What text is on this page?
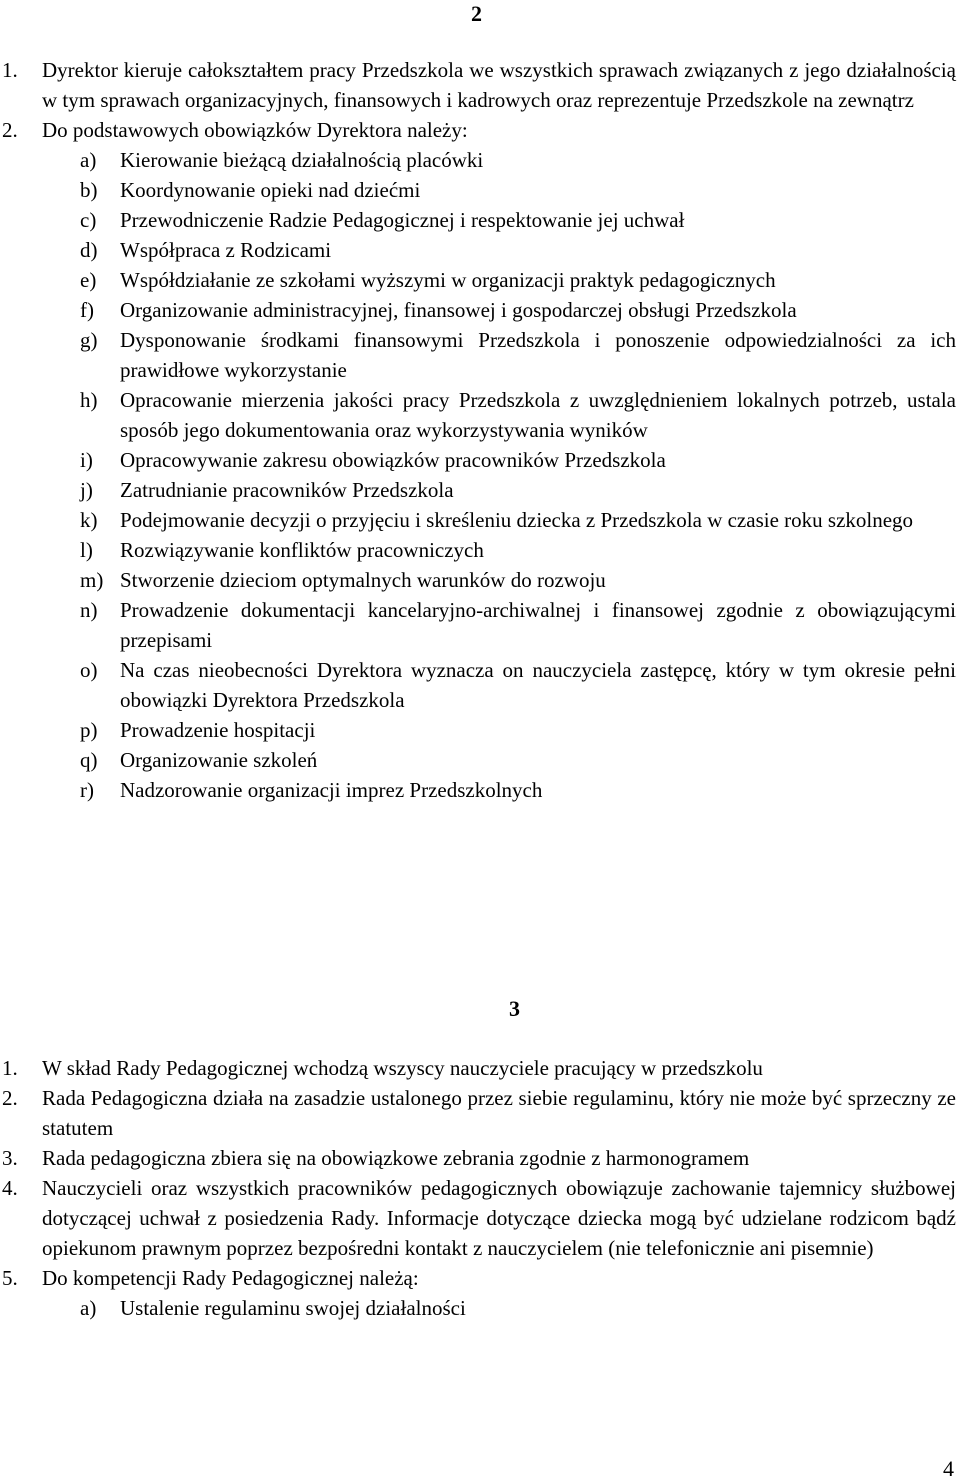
2
1. Dyrektor kieruje całokształtem pracy Przedszkola we wszystkich sprawach związanych z jego działalnością w tym sprawach organizacyjnych, finansowych i kadrowych oraz reprezentuje Przedszkole na zewnątrz
2. Do podstawowych obowiązków Dyrektora należy:
a) Kierowanie bieżącą działalnością placówki
b) Koordynowanie opieki nad dziećmi
c) Przewodniczenie Radzie Pedagogicznej i respektowanie jej uchwał
d) Współpraca z Rodzicami
e) Współdziałanie ze szkołami wyższymi w organizacji praktyk pedagogicznych
f) Organizowanie administracyjnej, finansowej i gospodarczej obsługi Przedszkola
g) Dysponowanie środkami finansowymi Przedszkola i ponoszenie odpowiedzialności za ich prawidłowe wykorzystanie
h) Opracowanie mierzenia jakości pracy Przedszkola z uwzględnieniem lokalnych potrzeb, ustala sposób jego dokumentowania oraz wykorzystywania wyników
i) Opracowywanie zakresu obowiązków pracowników Przedszkola
j) Zatrudnianie pracowników Przedszkola
k) Podejmowanie decyzji o przyjęciu i skreśleniu dziecka z Przedszkola w czasie roku szkolnego
l) Rozwiązywanie konfliktów pracowniczych
m) Stworzenie dzieciom optymalnych warunków do rozwoju
n) Prowadzenie dokumentacji kancelaryjno-archiwalnej i finansowej zgodnie z obowiązującymi przepisami
o) Na czas nieobecności Dyrektora wyznacza on nauczyciela zastępcę, który w tym okresie pełni obowiązki Dyrektora Przedszkola
p) Prowadzenie hospitacji
q) Organizowanie szkoleń
r) Nadzorowanie organizacji imprez Przedszkolnych
3
1. W skład Rady Pedagogicznej wchodzą wszyscy nauczyciele pracujący w przedszkolu
2. Rada Pedagogiczna działa na zasadzie ustalonego przez siebie regulaminu, który nie może być sprzeczny ze statutem
3. Rada pedagogiczna zbiera się na obowiązkowe zebrania zgodnie z harmonogramem
4. Nauczycieli oraz wszystkich pracowników pedagogicznych obowiązuje zachowanie tajemnicy służbowej dotyczącej uchwał z posiedzenia Rady. Informacje dotyczące dziecka mogą być udzielane rodzicom bądź opiekunom prawnym poprzez bezpośredni kontakt z nauczycielem (nie telefonicznie ani pisemnie)
5. Do kompetencji Rady Pedagogicznej należą:
a) Ustalenie regulaminu swojej działalności
4
